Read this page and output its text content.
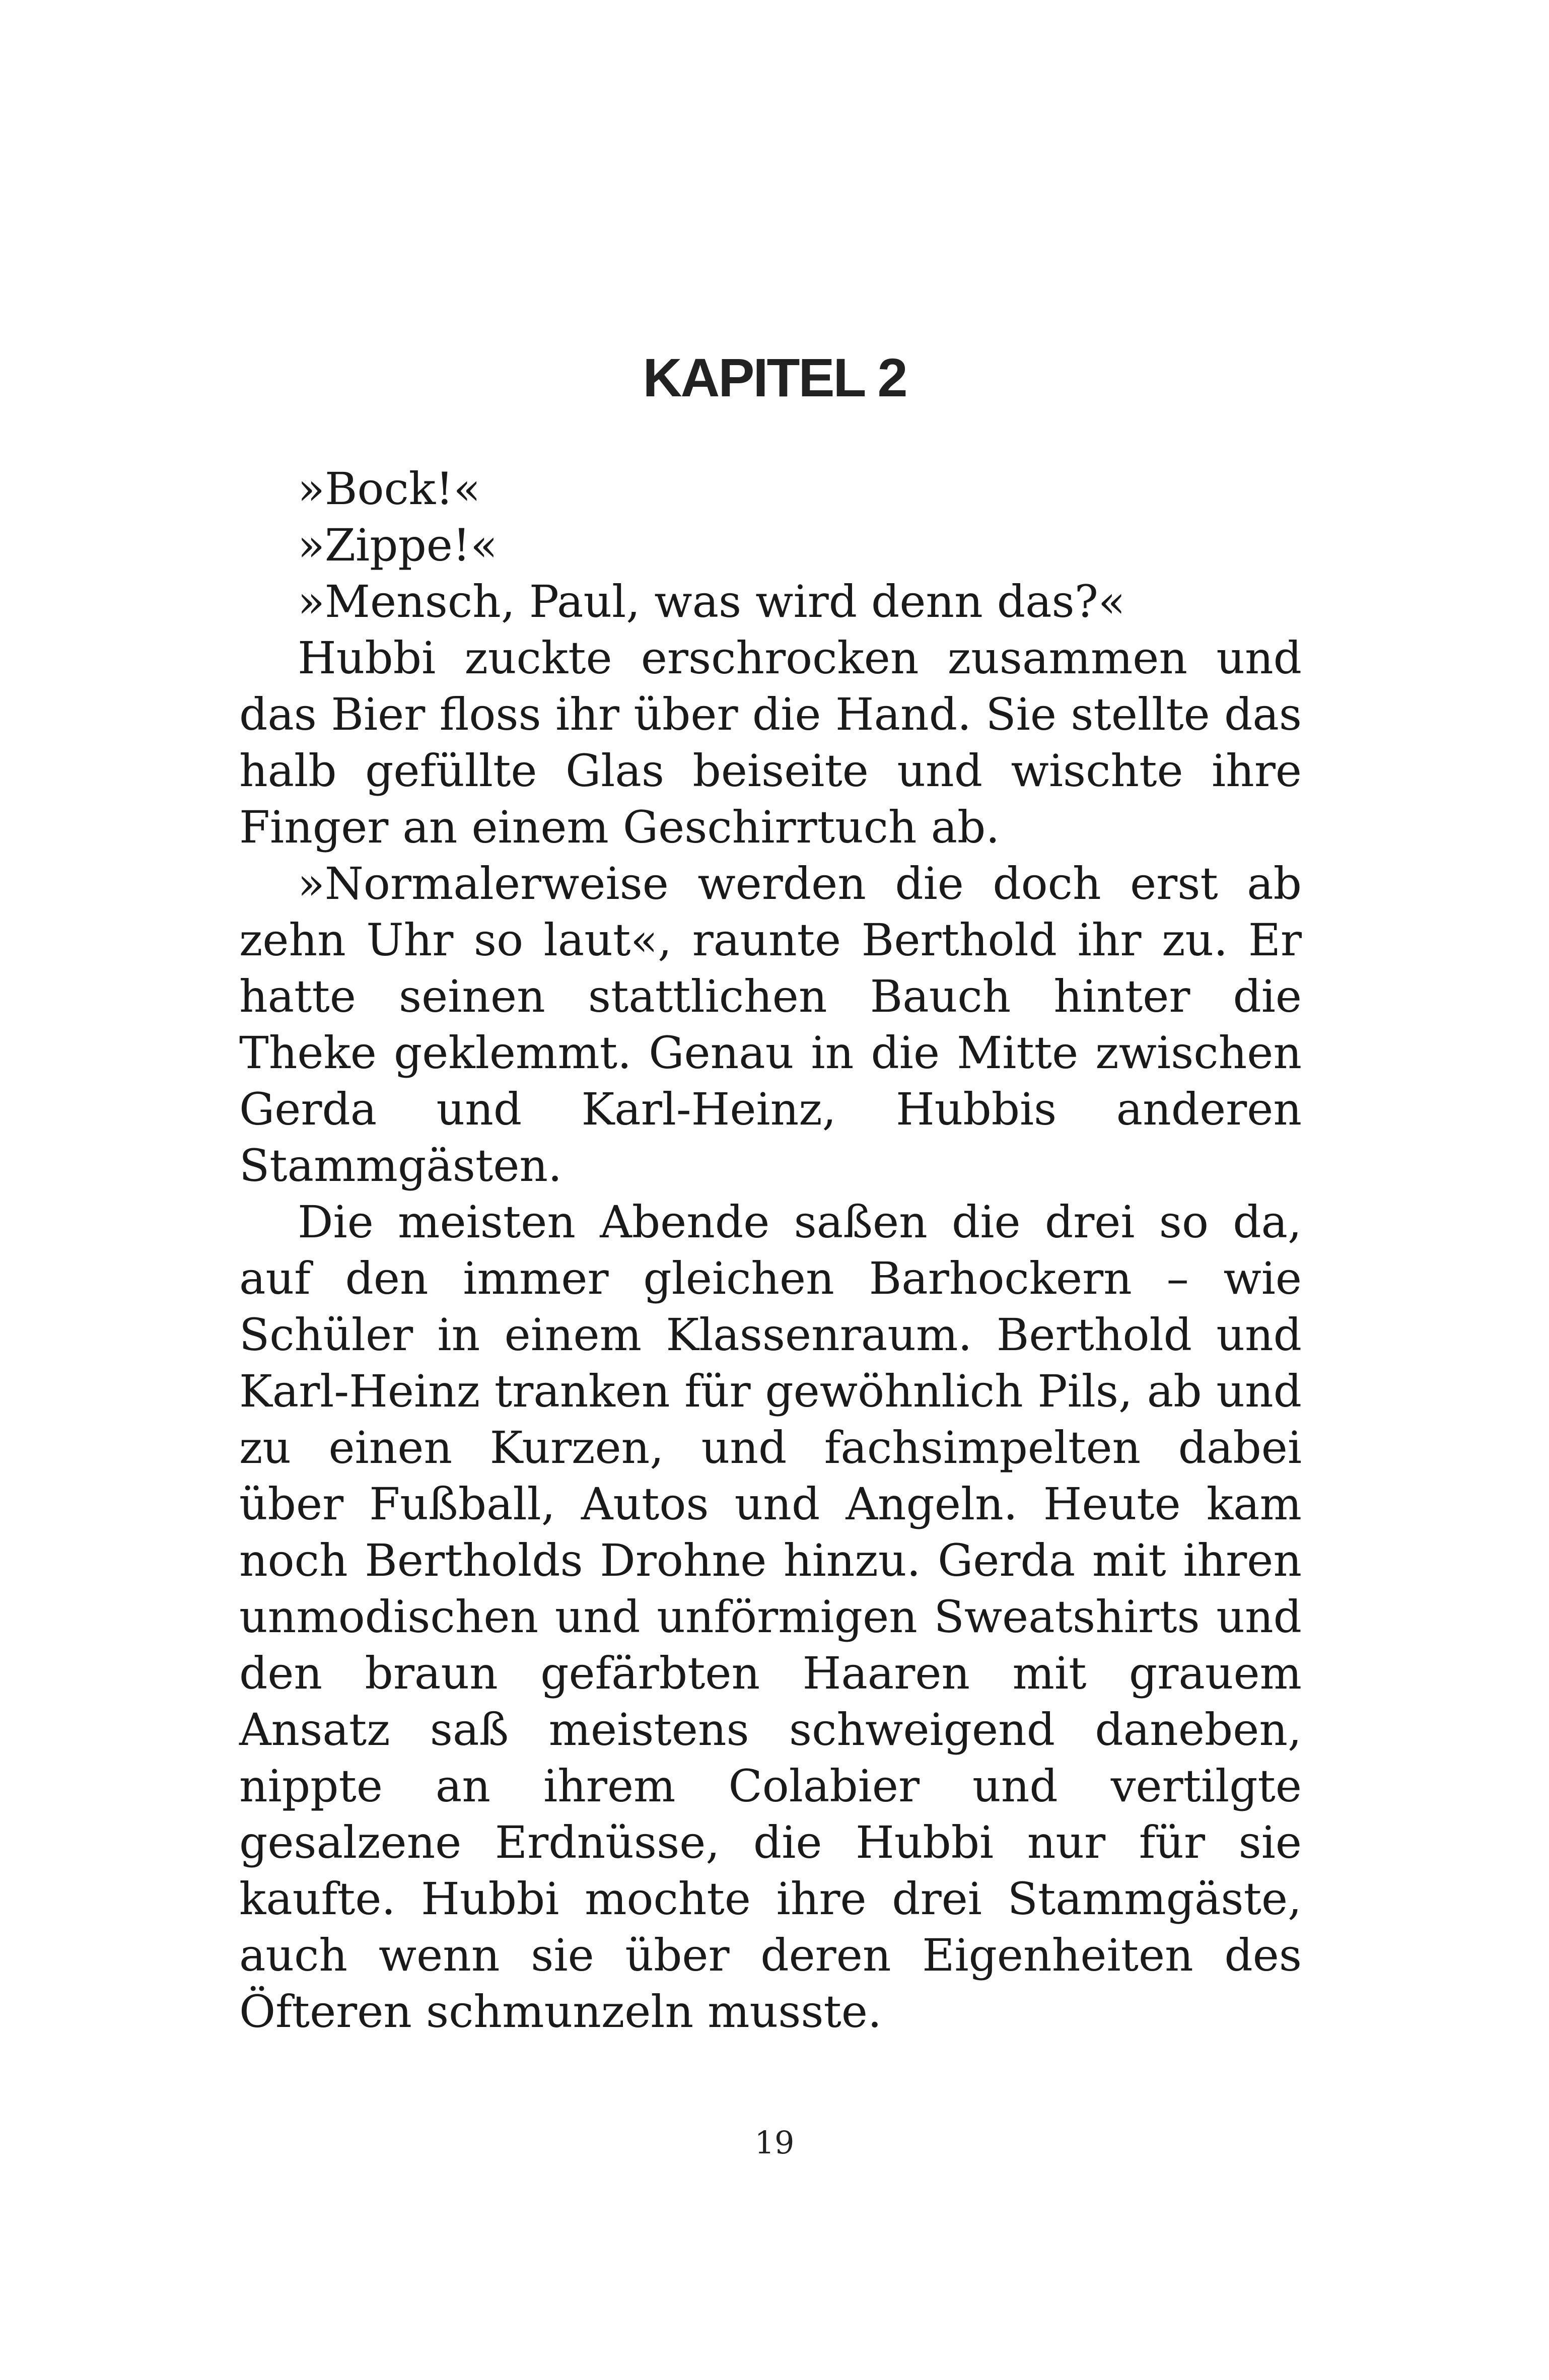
KAPITEL 2

»Bock!«

»Zippe!«

»Mensch, Paul, was wird denn das?«

Hubbi zuckte erschrocken zusammen und das Bier floss ihr über die Hand. Sie stellte das halb gefüllte Glas beiseite und wischte ihre Finger an einem Geschirrtuch ab.

»Normalerweise werden die doch erst ab zehn Uhr so laut«, raunte Berthold ihr zu. Er hatte seinen stattlichen Bauch hinter die Theke geklemmt. Genau in die Mitte zwischen Gerda und Karl-Heinz, Hubbis anderen Stammgästen.

Die meisten Abende saßen die drei so da, auf den immer gleichen Barhockern – wie Schüler in einem Klassenraum. Berthold und Karl-Heinz tranken für gewöhnlich Pils, ab und zu einen Kurzen, und fachsimpelten dabei über Fußball, Autos und Angeln. Heute kam noch Bertholds Drohne hinzu. Gerda mit ihren unmodischen und unförmigen Sweatshirts und den braun gefärbten Haaren mit grauem Ansatz saß meistens schweigend daneben, nippte an ihrem Colabier und vertilgte gesalzene Erdnüsse, die Hubbi nur für sie kaufte. Hubbi mochte ihre drei Stammgäste, auch wenn sie über deren Eigenheiten des Öfteren schmunzeln musste.

19
